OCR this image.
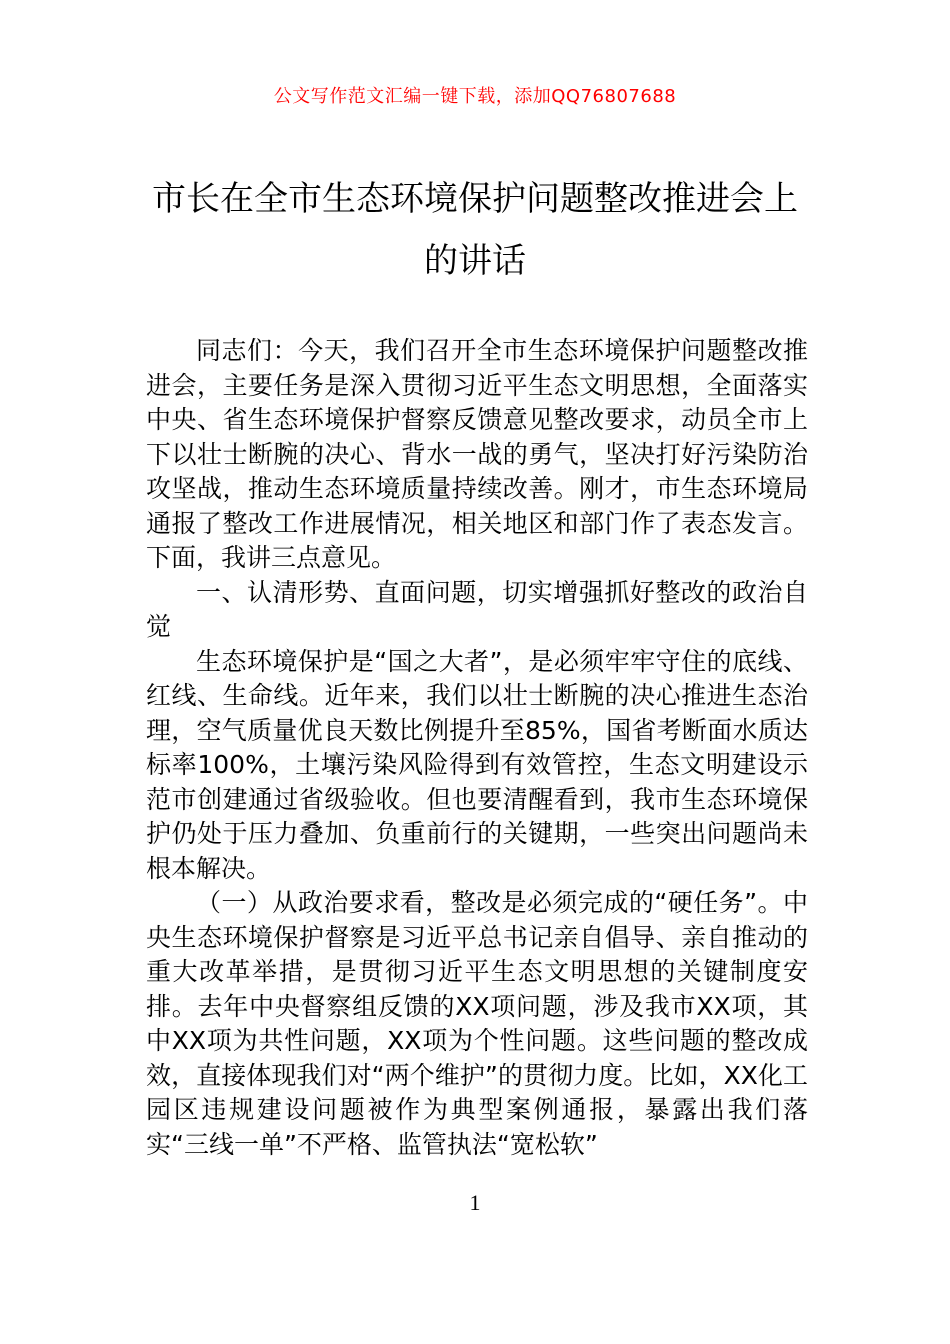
公文写作范文汇编一键下载，添加QQ76807688
市长在全市生态环境保护问题整改推进会上的讲话

同志们：今天，我们召开全市生态环境保护问题整改推进会，主要任务是深入贯彻习近平生态文明思想，全面落实中央、省生态环境保护督察反馈意见整改要求，动员全市上下以壮士断腕的决心、背水一战的勇气，坚决打好污染防治攻坚战，推动生态环境质量持续改善。刚才，市生态环境局通报了整改工作进展情况，相关地区和部门作了表态发言。下面，我讲三点意见。

一、认清形势、直面问题，切实增强抓好整改的政治自觉

生态环境保护是“国之大者”，是必须牢牢守住的底线、红线、生命线。近年来，我们以壮士断腕的决心推进生态治理，空气质量优良天数比例提升至85%，国省考断面水质达标率100%，土壤污染风险得到有效管控，生态文明建设示范市创建通过省级验收。但也要清醒看到，我市生态环境保护仍处于压力叠加、负重前行的关键期，一些突出问题尚未根本解决。

（一）从政治要求看，整改是必须完成的“硬任务”。中央生态环境保护督察是习近平总书记亲自倡导、亲自推动的重大改革举措，是贯彻习近平生态文明思想的关键制度安排。去年中央督察组反馈的XX项问题，涉及我市XX项，其中XX项为共性问题，XX项为个性问题。这些问题的整改成效，直接体现我们对“两个维护”的贯彻力度。比如，XX化工园区违规建设问题被作为典型案例通报，暴露出我们落实“三线一单”不严格、监管执法“宽松软”

1
